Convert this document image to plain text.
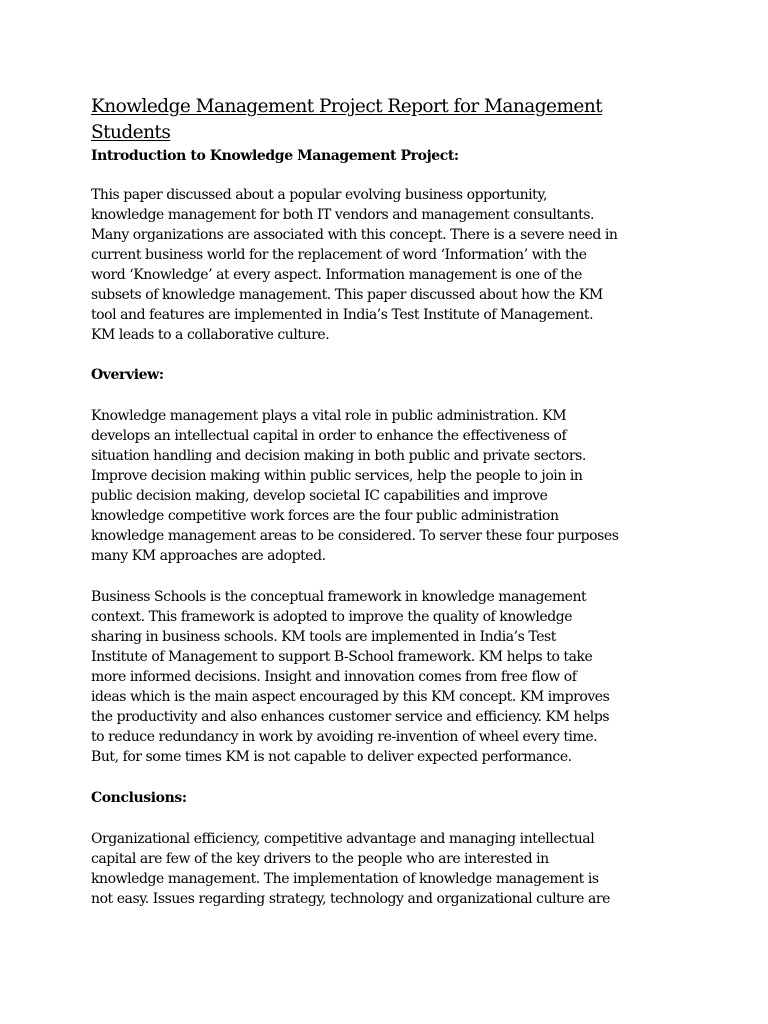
Knowledge Management Project Report for Management
Students
Introduction to Knowledge Management Project:

This paper discussed about a popular evolving business opportunity,
knowledge management for both IT vendors and management consultants.
Many organizations are associated with this concept. There is a severe need in
current business world for the replacement of word ‘Information’ with the
word ‘Knowledge’ at every aspect. Information management is one of the
subsets of knowledge management. This paper discussed about how the KM
tool and features are implemented in India’s Test Institute of Management.
KM leads to a collaborative culture.

Overview:

Knowledge management plays a vital role in public administration. KM
develops an intellectual capital in order to enhance the effectiveness of
situation handling and decision making in both public and private sectors.
Improve decision making within public services, help the people to join in
public decision making, develop societal IC capabilities and improve
knowledge competitive work forces are the four public administration
knowledge management areas to be considered. To server these four purposes
many KM approaches are adopted.

Business Schools is the conceptual framework in knowledge management
context. This framework is adopted to improve the quality of knowledge
sharing in business schools. KM tools are implemented in India’s Test
Institute of Management to support B-School framework. KM helps to take
more informed decisions. Insight and innovation comes from free flow of
ideas which is the main aspect encouraged by this KM concept. KM improves
the productivity and also enhances customer service and efficiency. KM helps
to reduce redundancy in work by avoiding re-invention of wheel every time.
But, for some times KM is not capable to deliver expected performance.

Conclusions:

Organizational efficiency, competitive advantage and managing intellectual
capital are few of the key drivers to the people who are interested in
knowledge management. The implementation of knowledge management is
not easy. Issues regarding strategy, technology and organizational culture are
